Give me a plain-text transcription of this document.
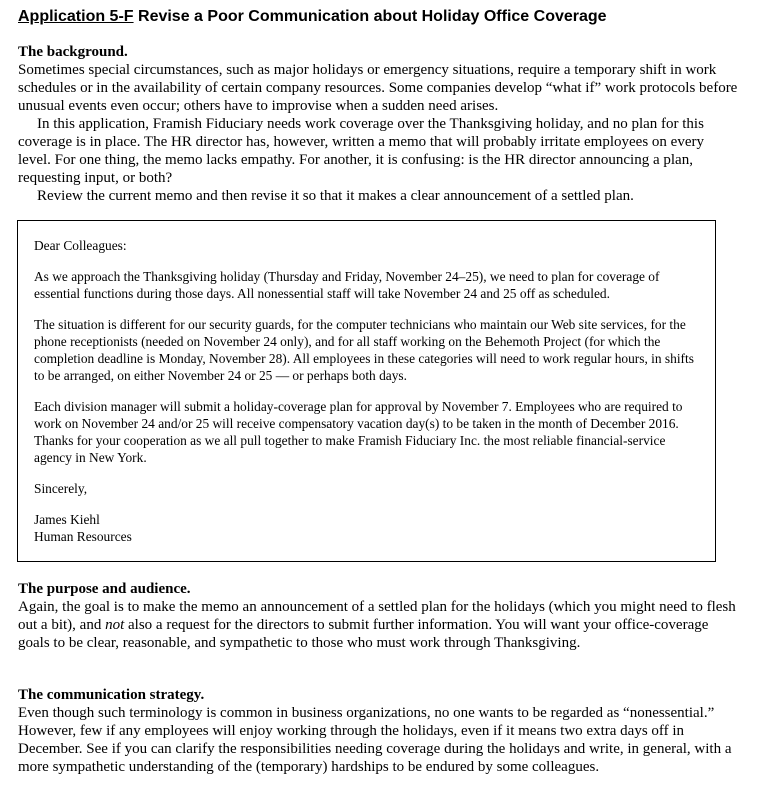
Application 5-F Revise a Poor Communication about Holiday Office Coverage
The background.

Sometimes special circumstances, such as major holidays or emergency situations, require a temporary shift in work schedules or in the availability of certain company resources. Some companies develop “what if” work protocols before unusual events even occur; others have to improvise when a sudden need arises.

In this application, Framish Fiduciary needs work coverage over the Thanksgiving holiday, and no plan for this coverage is in place. The HR director has, however, written a memo that will probably irritate employees on every level. For one thing, the memo lacks empathy. For another, it is confusing: is the HR director announcing a plan, requesting input, or both?

Review the current memo and then revise it so that it makes a clear announcement of a settled plan.

Dear Colleagues:

As we approach the Thanksgiving holiday (Thursday and Friday, November 24–25), we need to plan for coverage of essential functions during those days. All nonessential staff will take November 24 and 25 off as scheduled.

The situation is different for our security guards, for the computer technicians who maintain our Web site services, for the phone receptionists (needed on November 24 only), and for all staff working on the Behemoth Project (for which the completion deadline is Monday, November 28). All employees in these categories will need to work regular hours, in shifts to be arranged, on either November 24 or 25 — or perhaps both days.

Each division manager will submit a holiday-coverage plan for approval by November 7. Employees who are required to work on November 24 and/or 25 will receive compensatory vacation day(s) to be taken in the month of December 2016. Thanks for your cooperation as we all pull together to make Framish Fiduciary Inc. the most reliable financial-service agency in New York.

Sincerely,

James Kiehl

Human Resources

The purpose and audience.

Again, the goal is to make the memo an announcement of a settled plan for the holidays (which you might need to flesh out a bit), and not also a request for the directors to submit further information. You will want your office-coverage goals to be clear, reasonable, and sympathetic to those who must work through Thanksgiving.

The communication strategy.

Even though such terminology is common in business organizations, no one wants to be regarded as “nonessential.” However, few if any employees will enjoy working through the holidays, even if it means two extra days off in December. See if you can clarify the responsibilities needing coverage during the holidays and write, in general, with a more sympathetic understanding of the (temporary) hardships to be endured by some colleagues.
